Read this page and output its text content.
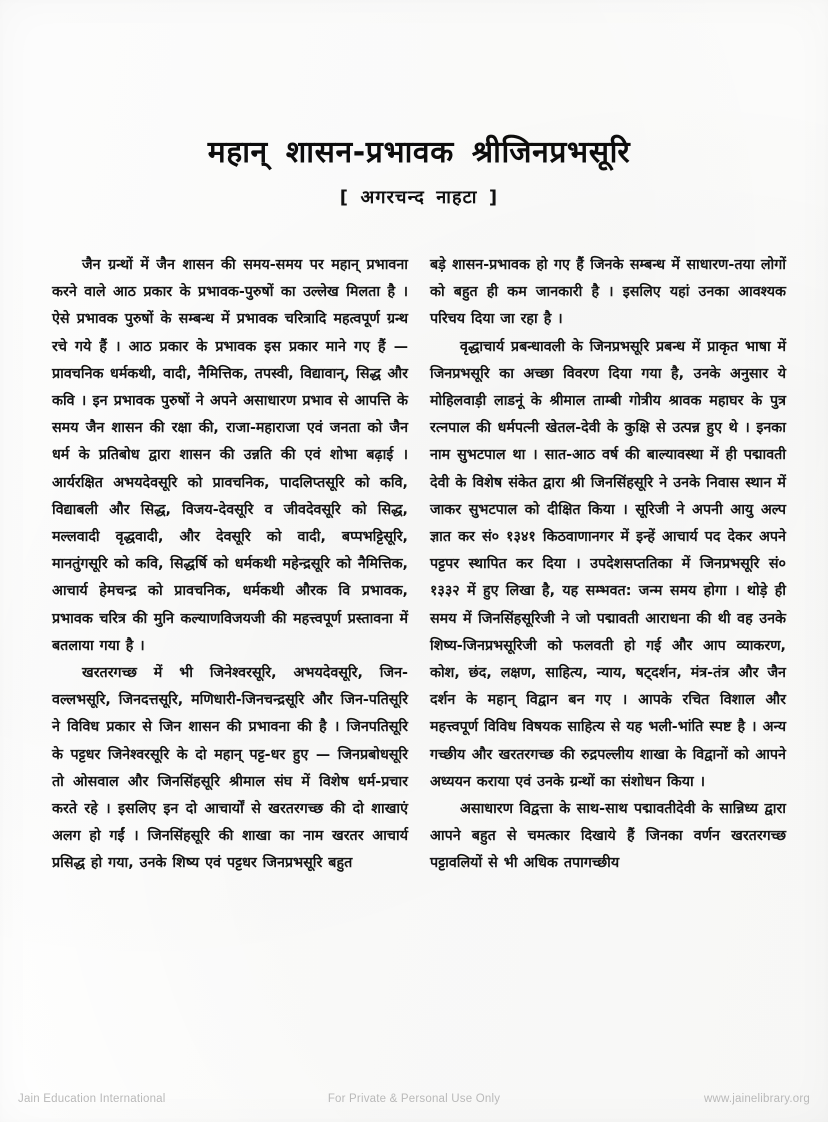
महान् शासन-प्रभावक श्रीजिनप्रभसूरि
[ अगरचन्द नाहटा ]

जैन ग्रन्थों में जैन शासन की समय-समय पर महान् प्रभावना करने वाले आठ प्रकार के प्रभावक-पुरुषों का उल्लेख मिलता है । ऐसे प्रभावक पुरुषों के सम्बन्ध में प्रभावक चरित्रादि महत्वपूर्ण ग्रन्थ रचे गये हैं । आठ प्रकार के प्रभावक इस प्रकार माने गए हैं — प्रावचनिक धर्मकथी, वादी, नैमित्तिक, तपस्वी, विद्यावान्, सिद्ध और कवि । इन प्रभावक पुरुषों ने अपने असाधारण प्रभाव से आपत्ति के समय जैन शासन की रक्षा की, राजा-महाराजा एवं जनता को जैन धर्म के प्रतिबोध द्वारा शासन की उन्नति की एवं शोभा बढ़ाई । आर्यरक्षित अभयदेवसूरि को प्रावचनिक, पादलिप्तसूरि को कवि, विद्याबली और सिद्ध, विजय-देवसूरि व जीवदेवसूरि को सिद्ध, मल्लवादी वृद्धवादी, और देवसूरि को वादी, बप्पभट्टिसूरि, मानतुंगसूरि को कवि, सिद्धर्षि को धर्मकथी महेन्द्रसूरि को नैमित्तिक, आचार्य हेमचन्द्र को प्रावचनिक, धर्मकथी औरक वि प्रभावक, प्रभावक चरित्र की मुनि कल्याणविजयजी की महत्त्वपूर्ण प्रस्तावना में बतलाया गया है ।

खरतरगच्छ में भी जिनेश्वरसूरि, अभयदेवसूरि, जिन-वल्लभसूरि, जिनदत्तसूरि, मणिधारी-जिनचन्द्रसूरि और जिन-पतिसूरि ने विविध प्रकार से जिन शासन की प्रभावना की है । जिनपतिसूरि के पट्टधर जिनेश्वरसूरि के दो महान् पट्ट-धर हुए — जिनप्रबोधसूरि तो ओसवाल और जिनसिंहसूरि श्रीमाल संघ में विशेष धर्म-प्रचार करते रहे । इसलिए इन दो आचार्यों से खरतरगच्छ की दो शाखाएं अलग हो गईं । जिनसिंहसूरि की शाखा का नाम खरतर आचार्य प्रसिद्ध हो गया, उनके शिष्य एवं पट्टधर जिनप्रभसूरि बहुत

बड़े शासन-प्रभावक हो गए हैं जिनके सम्बन्ध में साधारण-तया लोगों को बहुत ही कम जानकारी है । इसलिए यहां उनका आवश्यक परिचय दिया जा रहा है ।

वृद्धाचार्य प्रबन्धावली के जिनप्रभसूरि प्रबन्ध में प्राकृत भाषा में जिनप्रभसूरि का अच्छा विवरण दिया गया है, उनके अनुसार ये मोहिलवाड़ी लाडनूं के श्रीमाल ताम्बी गोत्रीय श्रावक महाघर के पुत्र रत्नपाल की धर्मपत्नी खेतल-देवी के कुक्षि से उत्पन्न हुए थे । इनका नाम सुभटपाल था । सात-आठ वर्ष की बाल्यावस्था में ही पद्मावती देवी के विशेष संकेत द्वारा श्री जिनसिंहसूरि ने उनके निवास स्थान में जाकर सुभटपाल को दीक्षित किया । सूरिजी ने अपनी आयु अल्प ज्ञात कर सं० १३४१ किठवाणानगर में इन्हें आचार्य पद देकर अपने पट्टपर स्थापित कर दिया । उपदेशसप्ततिका में जिनप्रभसूरि सं० १३३२ में हुए लिखा है, यह सम्भवत: जन्म समय होगा । थोड़े ही समय में जिनसिंहसूरिजी ने जो पद्मावती आराधना की थी वह उनके शिष्य-जिनप्रभसूरिजी को फलवती हो गई और आप व्याकरण, कोश, छंद, लक्षण, साहित्य, न्याय, षट्दर्शन, मंत्र-तंत्र और जैन दर्शन के महान् विद्वान बन गए । आपके रचित विशाल और महत्त्वपूर्ण विविध विषयक साहित्य से यह भली-भांति स्पष्ट है । अन्य गच्छीय और खरतरगच्छ की रुद्रपल्लीय शाखा के विद्वानों को आपने अध्ययन कराया एवं उनके ग्रन्थों का संशोधन किया ।

असाधारण विद्वत्ता के साथ-साथ पद्मावतीदेवी के सान्निध्य द्वारा आपने बहुत से चमत्कार दिखाये हैं जिनका वर्णन खरतरगच्छ पट्टावलियों से भी अधिक तपागच्छीय

Jain Education International	For Private & Personal Use Only	www.jainelibrary.org
